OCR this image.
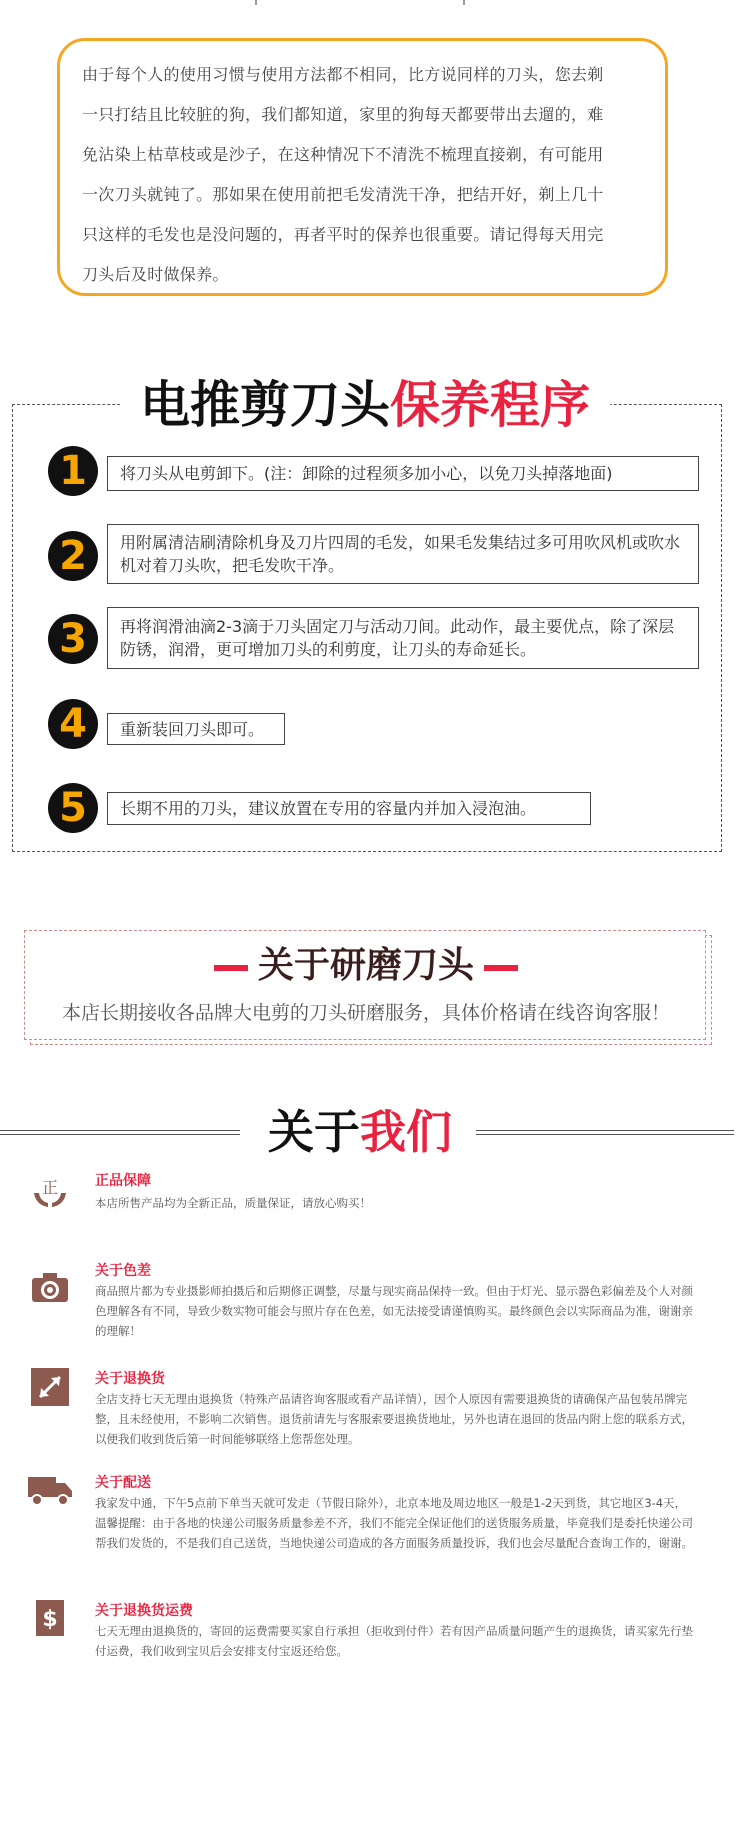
由于每个人的使用习惯与使用方法都不相同，比方说同样的刀头，您去剃

一只打结且比较脏的狗，我们都知道，家里的狗每天都要带出去遛的，难

免沾染上枯草枝或是沙子，在这种情况下不清洗不梳理直接剃，有可能用

一次刀头就钝了。那如果在使用前把毛发清洗干净，把结开好，剃上几十

只这样的毛发也是没问题的，再者平时的保养也很重要。请记得每天用完

刀头后及时做保养。

电推剪刀头保养程序
1	将刀头从电剪卸下。(注：卸除的过程须多加小心，以免刀头掉落地面)
2	用附属清洁刷清除机身及刀片四周的毛发，如果毛发集结过多可用吹风机或吹水机对着刀头吹，把毛发吹干净。
3	再将润滑油滴2-3滴于刀头固定刀与活动刀间。此动作，最主要优点，除了深层防锈，润滑，更可增加刀头的利剪度，让刀头的寿命延长。
4	重新装回刀头即可。
5	长期不用的刀头，建议放置在专用的容量内并加入浸泡油。
关于研磨刀头
本店长期接收各品牌大电剪的刀头研磨服务，具体价格请在线咨询客服！
关于我们
正	正品保障
本店所售产品均为全新正品，质量保证，请放心购买！
关于色差
商品照片都为专业摄影师拍摄后和后期修正调整，尽量与现实商品保持一致。但由于灯光、显示器色彩偏差及个人对颜色理解各有不同，导致少数实物可能会与照片存在色差，如无法接受请谨慎购买。最终颜色会以实际商品为准，谢谢亲的理解！
关于退换货
全店支持七天无理由退换货（特殊产品请咨询客服或看产品详情），因个人原因有需要退换货的请确保产品包装吊牌完整，且未经使用，不影响二次销售。退货前请先与客服索要退换货地址，另外也请在退回的货品内附上您的联系方式，以便我们收到货后第一时间能够联络上您帮您处理。
关于配送
我家发中通，下午5点前下单当天就可发走（节假日除外），北京本地及周边地区一般是1-2天到货，其它地区3-4天，温馨提醒：由于各地的快递公司服务质量参差不齐，我们不能完全保证他们的送货服务质量，毕竟我们是委托快递公司帮我们发货的，不是我们自己送货，当地快递公司造成的各方面服务质量投诉，我们也会尽量配合查询工作的，谢谢。
$	关于退换货运费
七天无理由退换货的，寄回的运费需要买家自行承担（拒收到付件）若有因产品质量问题产生的退换货，请买家先行垫付运费，我们收到宝贝后会安排支付宝返还给您。
